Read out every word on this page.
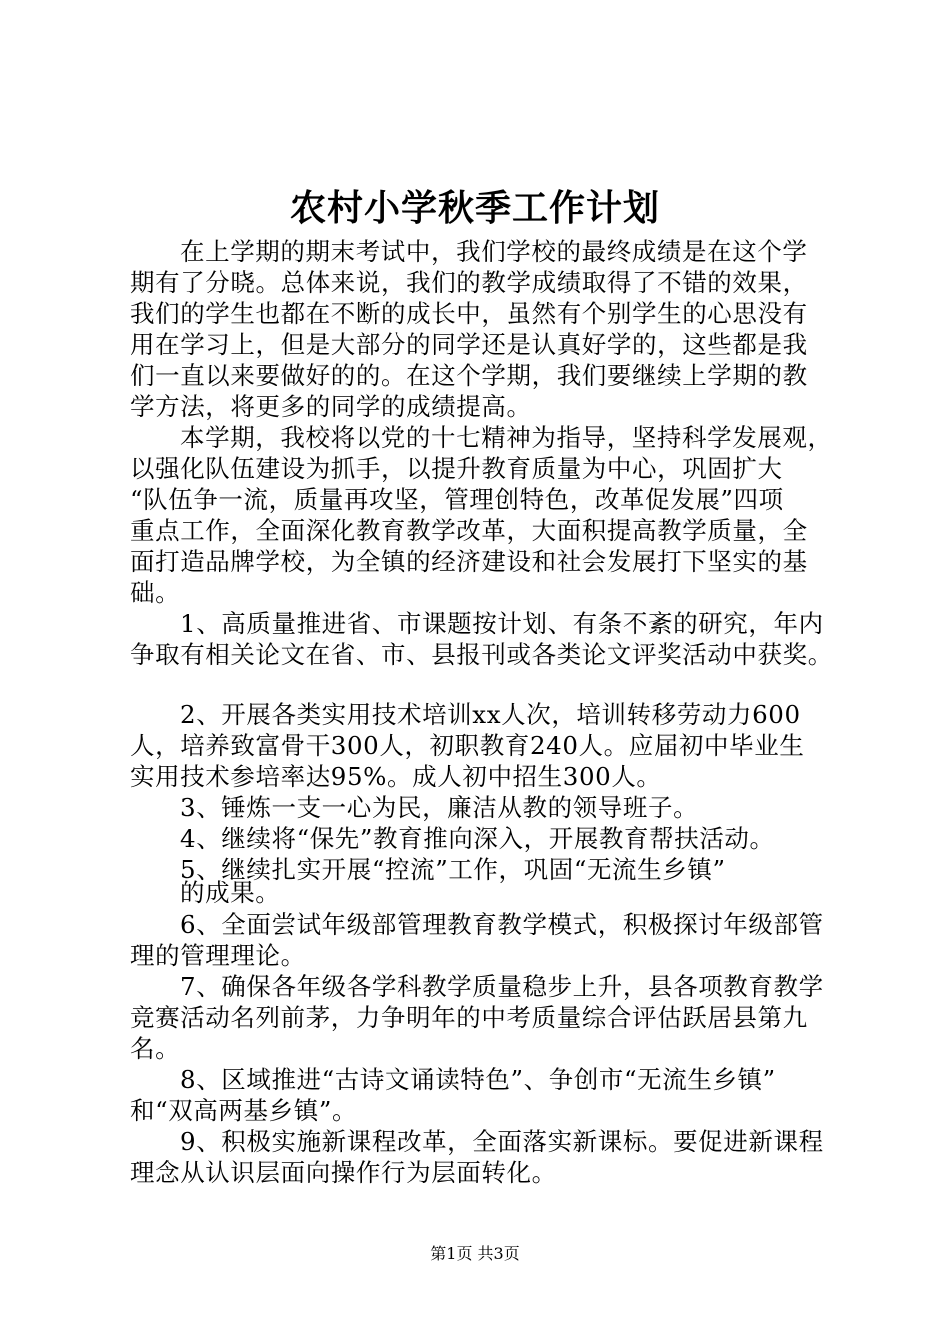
农村小学秋季工作计划
在上学期的期末考试中，我们学校的最终成绩是在这个学
期有了分晓。总体来说，我们的教学成绩取得了不错的效果，
我们的学生也都在不断的成长中，虽然有个别学生的心思没有
用在学习上，但是大部分的同学还是认真好学的，这些都是我
们一直以来要做好的的。在这个学期，我们要继续上学期的教
学方法，将更多的同学的成绩提高。
本学期，我校将以党的十七精神为指导，坚持科学发展观，
以强化队伍建设为抓手，以提升教育质量为中心，巩固扩大
“队伍争一流，质量再攻坚，管理创特色，改革促发展”四项
重点工作，全面深化教育教学改革，大面积提高教学质量，全
面打造品牌学校，为全镇的经济建设和社会发展打下坚实的基
础。
1、高质量推进省、市课题按计划、有条不紊的研究，年内
争取有相关论文在省、市、县报刊或各类论文评奖活动中获奖。
2、开展各类实用技术培训xx人次，培训转移劳动力600
人，培养致富骨干300人，初职教育240人。应届初中毕业生
实用技术参培率达95%。成人初中招生300人。
3、锤炼一支一心为民，廉洁从教的领导班子。
4、继续将“保先”教育推向深入，开展教育帮扶活动。
5、继续扎实开展“控流”工作，巩固“无流生乡镇”
的成果。
6、全面尝试年级部管理教育教学模式，积极探讨年级部管
理的管理理论。
7、确保各年级各学科教学质量稳步上升，县各项教育教学
竞赛活动名列前茅，力争明年的中考质量综合评估跃居县第九
名。
8、区域推进“古诗文诵读特色”、争创市“无流生乡镇”
和“双高两基乡镇”。
9、积极实施新课程改革，全面落实新课标。要促进新课程
理念从认识层面向操作行为层面转化。
第1页 共3页
